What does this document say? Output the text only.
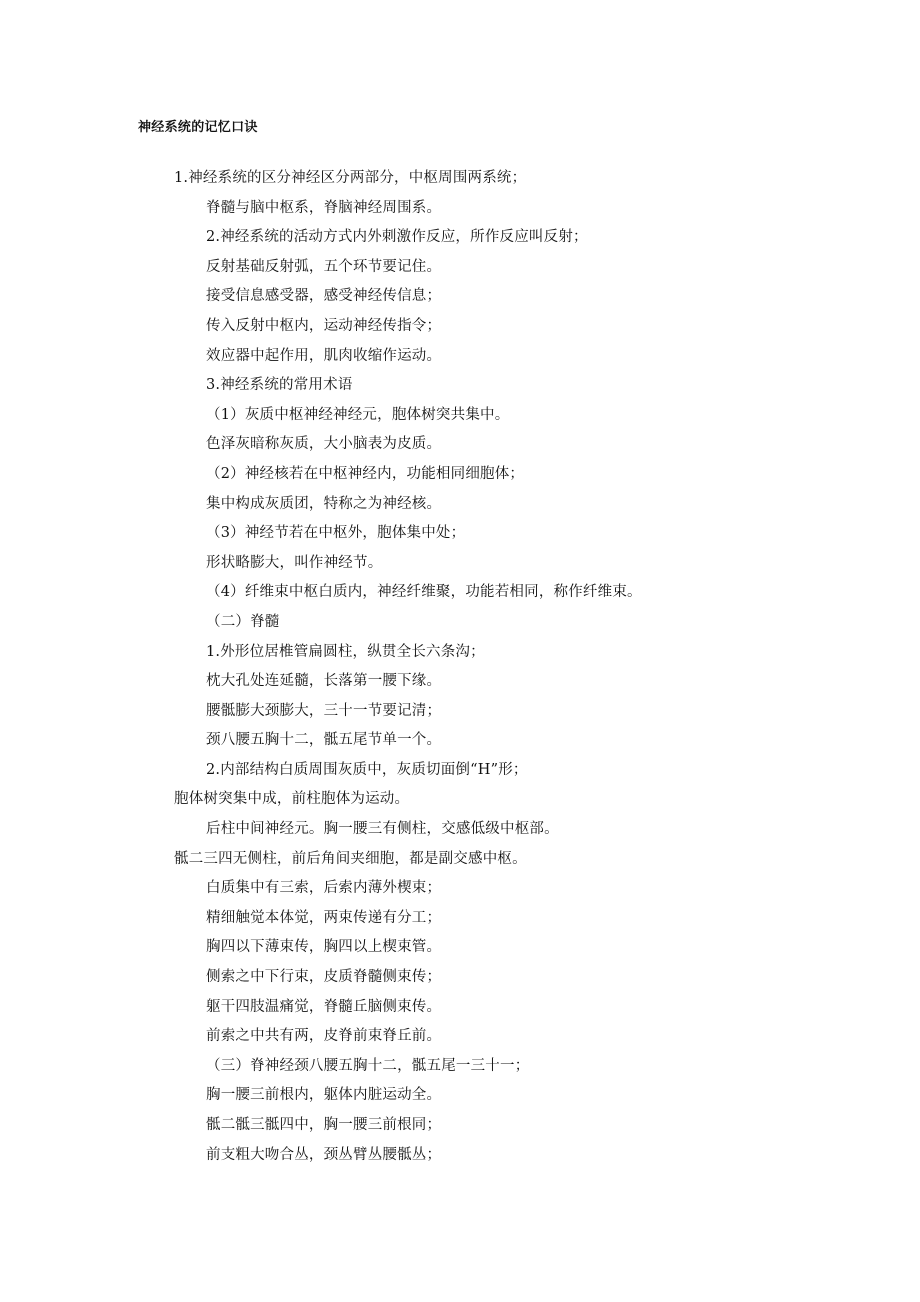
神经系统的记忆口诀
1.神经系统的区分神经区分两部分，中枢周围两系统；
脊髓与脑中枢系，脊脑神经周围系。
2.神经系统的活动方式内外刺激作反应，所作反应叫反射；
反射基础反射弧，五个环节要记住。
接受信息感受器，感受神经传信息；
传入反射中枢内，运动神经传指令；
效应器中起作用，肌肉收缩作运动。
3.神经系统的常用术语
（1）灰质中枢神经神经元，胞体树突共集中。
色泽灰暗称灰质，大小脑表为皮质。
（2）神经核若在中枢神经内，功能相同细胞体；
集中构成灰质团，特称之为神经核。
（3）神经节若在中枢外，胞体集中处；
形状略膨大，叫作神经节。
（4）纤维束中枢白质内，神经纤维聚，功能若相同，称作纤维束。
（二）脊髓
1.外形位居椎管扁圆柱，纵贯全长六条沟；
枕大孔处连延髓，长落第一腰下缘。
腰骶膨大颈膨大，三十一节要记清；
颈八腰五胸十二，骶五尾节单一个。
2.内部结构白质周围灰质中，灰质切面倒“H”形；
胞体树突集中成，前柱胞体为运动。
后柱中间神经元。胸一腰三有侧柱，交感低级中枢部。
骶二三四无侧柱，前后角间夹细胞，都是副交感中枢。
白质集中有三索，后索内薄外楔束；
精细触觉本体觉，两束传递有分工；
胸四以下薄束传，胸四以上楔束管。
侧索之中下行束，皮质脊髓侧束传；
躯干四肢温痛觉，脊髓丘脑侧束传。
前索之中共有两，皮脊前束脊丘前。
（三）脊神经颈八腰五胸十二，骶五尾一三十一；
胸一腰三前根内，躯体内脏运动全。
骶二骶三骶四中，胸一腰三前根同；
前支粗大吻合丛，颈丛臂丛腰骶丛；
